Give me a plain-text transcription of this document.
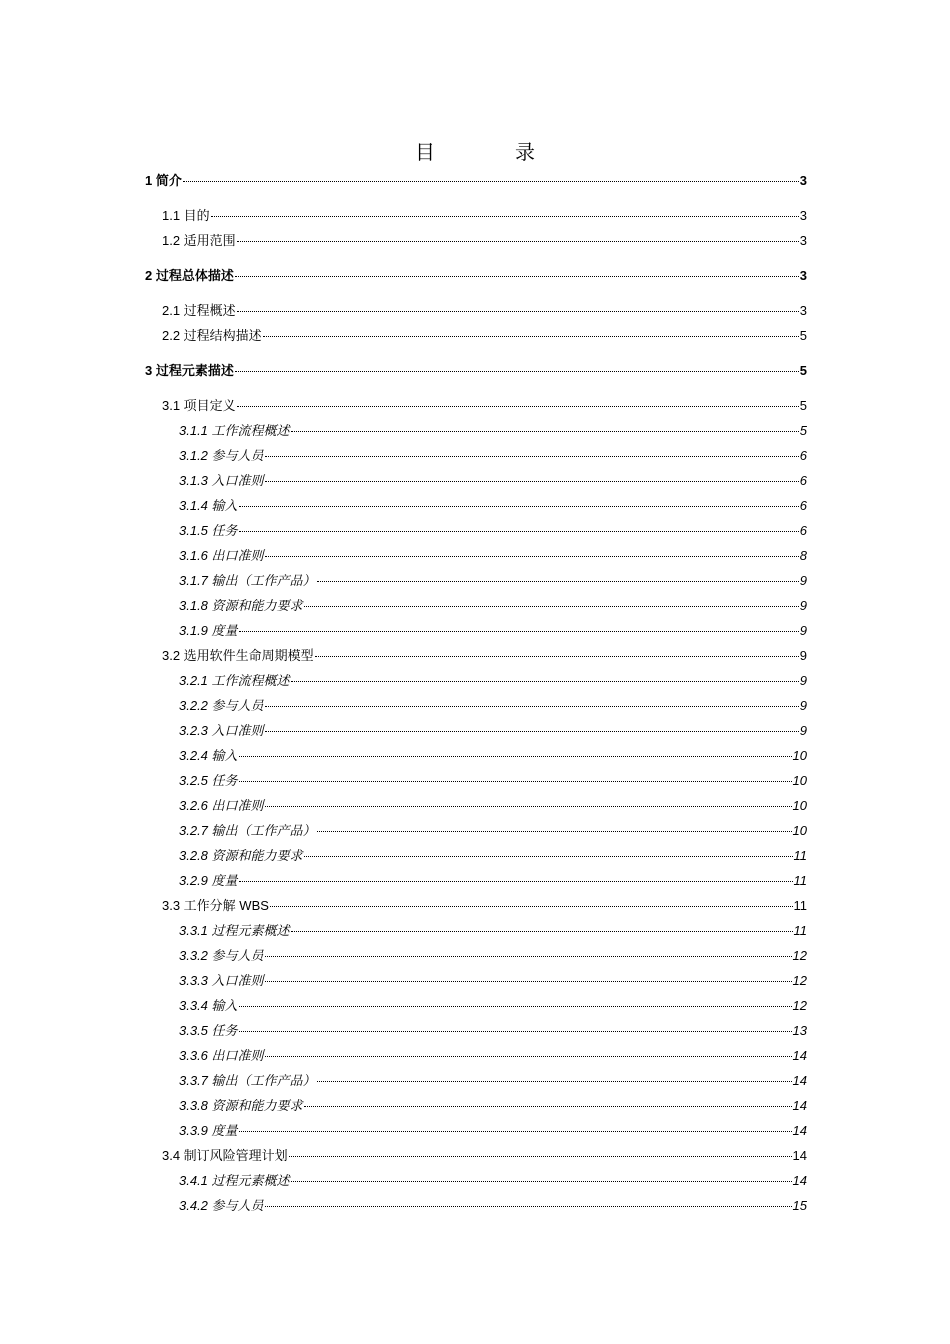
目　录
1 简介	3
1.1 目的	3
1.2 适用范围	3
2 过程总体描述	3
2.1 过程概述	3
2.2 过程结构描述	5
3 过程元素描述	5
3.1 项目定义	5
3.1.1 工作流程概述	5
3.1.2 参与人员	6
3.1.3 入口准则	6
3.1.4 输入	6
3.1.5 任务	6
3.1.6 出口准则	8
3.1.7 输出（工作产品）	9
3.1.8 资源和能力要求	9
3.1.9 度量	9
3.2 选用软件生命周期模型	9
3.2.1 工作流程概述	9
3.2.2 参与人员	9
3.2.3 入口准则	9
3.2.4 输入	10
3.2.5 任务	10
3.2.6 出口准则	10
3.2.7 输出（工作产品）	10
3.2.8 资源和能力要求	11
3.2.9 度量	11
3.3 工作分解 WBS	11
3.3.1 过程元素概述	11
3.3.2 参与人员	12
3.3.3 入口准则	12
3.3.4 输入	12
3.3.5 任务	13
3.3.6 出口准则	14
3.3.7 输出（工作产品）	14
3.3.8 资源和能力要求	14
3.3.9 度量	14
3.4 制订风险管理计划	14
3.4.1 过程元素概述	14
3.4.2 参与人员	15
